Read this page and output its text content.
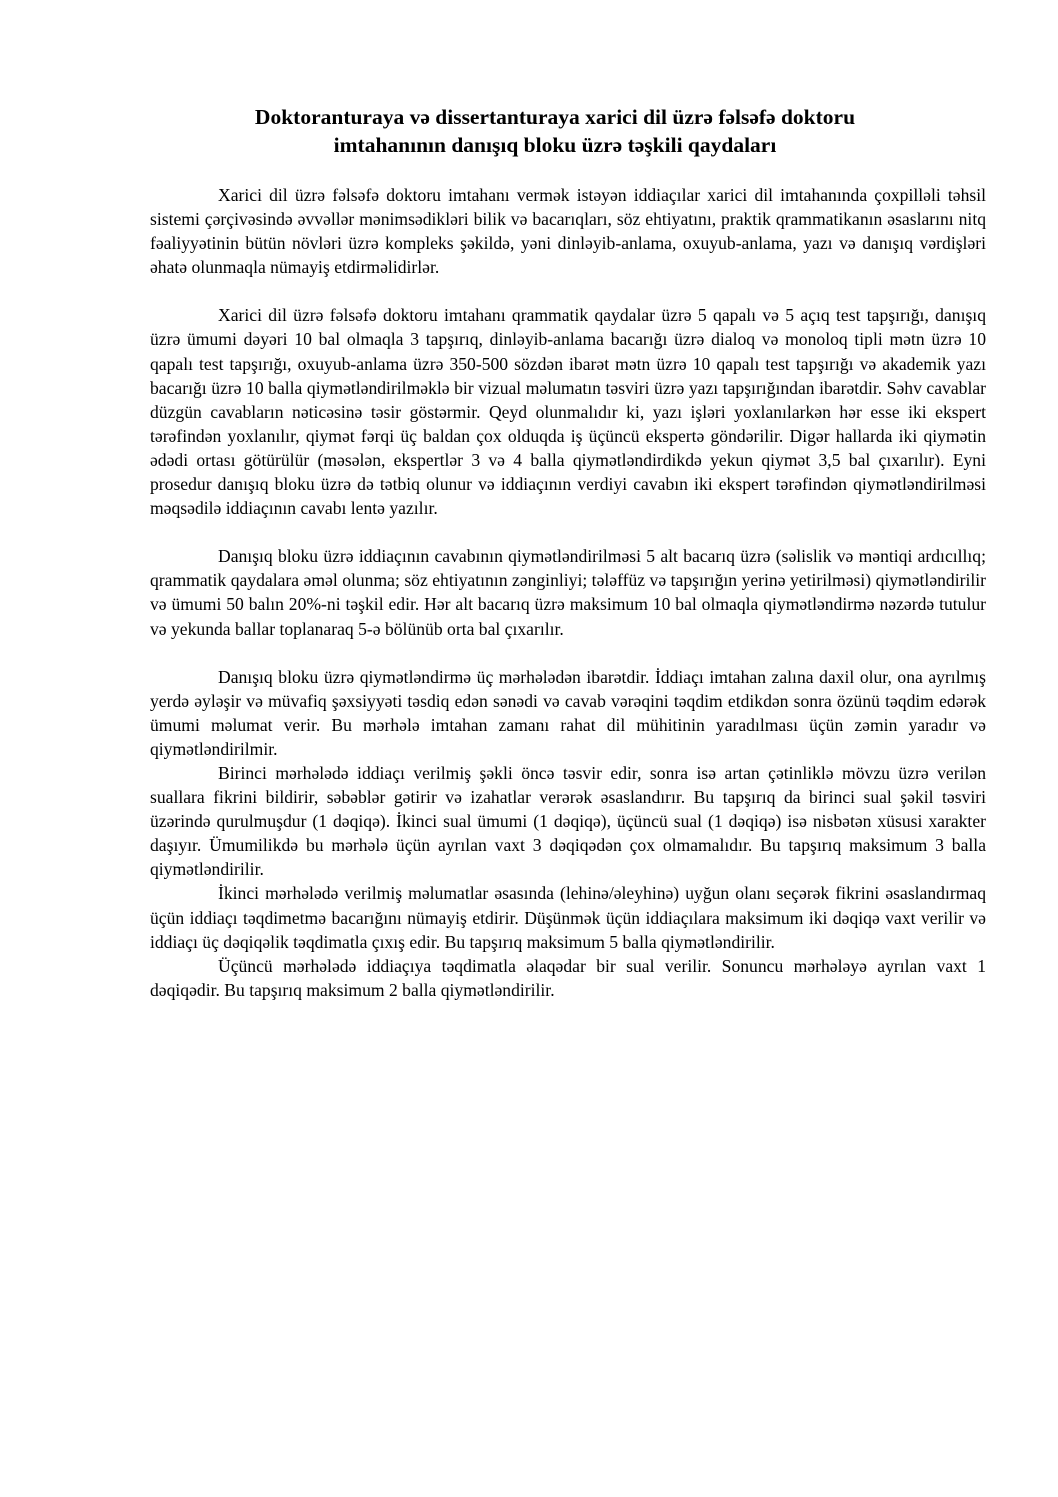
Doktoranturaya və dissertanturaya xarici dil üzrə fəlsəfə doktoru
imtahanının danışıq bloku üzrə təşkili qaydaları

Xarici dil üzrə fəlsəfə doktoru imtahanı vermək istəyən iddiaçılar xarici dil imtahanında çoxpilləli təhsil sistemi çərçivəsində əvvəllər mənimsədikləri bilik və bacarıqları, söz ehtiyatını, praktik qrammatikanın əsaslarını nitq fəaliyyətinin bütün növləri üzrə kompleks şəkildə, yəni dinləyib-anlama, oxuyub-anlama, yazı və danışıq vərdişləri əhatə olunmaqla nümayiş etdirməlidirlər.

Xarici dil üzrə fəlsəfə doktoru imtahanı qrammatik qaydalar üzrə 5 qapalı və 5 açıq test tapşırığı, danışıq üzrə ümumi dəyəri 10 bal olmaqla 3 tapşırıq, dinləyib-anlama bacarığı üzrə dialoq və monoloq tipli mətn üzrə 10 qapalı test tapşırığı, oxuyub-anlama üzrə 350-500 sözdən ibarət mətn üzrə 10 qapalı test tapşırığı və akademik yazı bacarığı üzrə 10 balla qiymətləndirilməklə bir vizual məlumatın təsviri üzrə yazı tapşırığından ibarətdir. Səhv cavablar düzgün cavabların nəticəsinə təsir göstərmir. Qeyd olunmalıdır ki, yazı işləri yoxlanılarkən hər esse iki ekspert tərəfindən yoxlanılır, qiymət fərqi üç baldan çox olduqda iş üçüncü ekspertə göndərilir. Digər hallarda iki qiymətin ədədi ortası götürülür (məsələn, ekspertlər 3 və 4 balla qiymətləndirdikdə yekun qiymət 3,5 bal çıxarılır). Eyni prosedur danışıq bloku üzrə də tətbiq olunur və iddiaçının verdiyi cavabın iki ekspert tərəfindən qiymətləndirilməsi məqsədilə iddiaçının cavabı lentə yazılır.

Danışıq bloku üzrə iddiaçının cavabının qiymətləndirilməsi 5 alt bacarıq üzrə (səlislik və məntiqi ardıcıllıq; qrammatik qaydalara əməl olunma; söz ehtiyatının zənginliyi; tələffüz və tapşırığın yerinə yetirilməsi) qiymətləndirilir və ümumi 50 balın 20%-ni təşkil edir. Hər alt bacarıq üzrə maksimum 10 bal olmaqla qiymətləndirmə nəzərdə tutulur və yekunda ballar toplanaraq 5-ə bölünüb orta bal çıxarılır.

Danışıq bloku üzrə qiymətləndirmə üç mərhələdən ibarətdir. İddiaçı imtahan zalına daxil olur, ona ayrılmış yerdə əyləşir və müvafiq şəxsiyyəti təsdiq edən sənədi və cavab vərəqini təqdim etdikdən sonra özünü təqdim edərək ümumi məlumat verir. Bu mərhələ imtahan zamanı rahat dil mühitinin yaradılması üçün zəmin yaradır və qiymətləndirilmir.

Birinci mərhələdə iddiaçı verilmiş şəkli öncə təsvir edir, sonra isə artan çətinliklə mövzu üzrə verilən suallara fikrini bildirir, səbəblər gətirir və izahatlar verərək əsaslandırır. Bu tapşırıq da birinci sual şəkil təsviri üzərində qurulmuşdur (1 dəqiqə). İkinci sual ümumi (1 dəqiqə), üçüncü sual (1 dəqiqə) isə nisbətən xüsusi xarakter daşıyır. Ümumilikdə bu mərhələ üçün ayrılan vaxt 3 dəqiqədən çox olmamalıdır. Bu tapşırıq maksimum 3 balla qiymətləndirilir.

İkinci mərhələdə verilmiş məlumatlar əsasında (lehinə/əleyhinə) uyğun olanı seçərək fikrini əsaslandırmaq üçün iddiaçı təqdimetmə bacarığını nümayiş etdirir. Düşünmək üçün iddiaçılara maksimum iki dəqiqə vaxt verilir və iddiaçı üç dəqiqəlik təqdimatla çıxış edir. Bu tapşırıq maksimum 5 balla qiymətləndirilir.

Üçüncü mərhələdə iddiaçıya təqdimatla əlaqədar bir sual verilir. Sonuncu mərhələyə ayrılan vaxt 1 dəqiqədir. Bu tapşırıq maksimum 2 balla qiymətləndirilir.
